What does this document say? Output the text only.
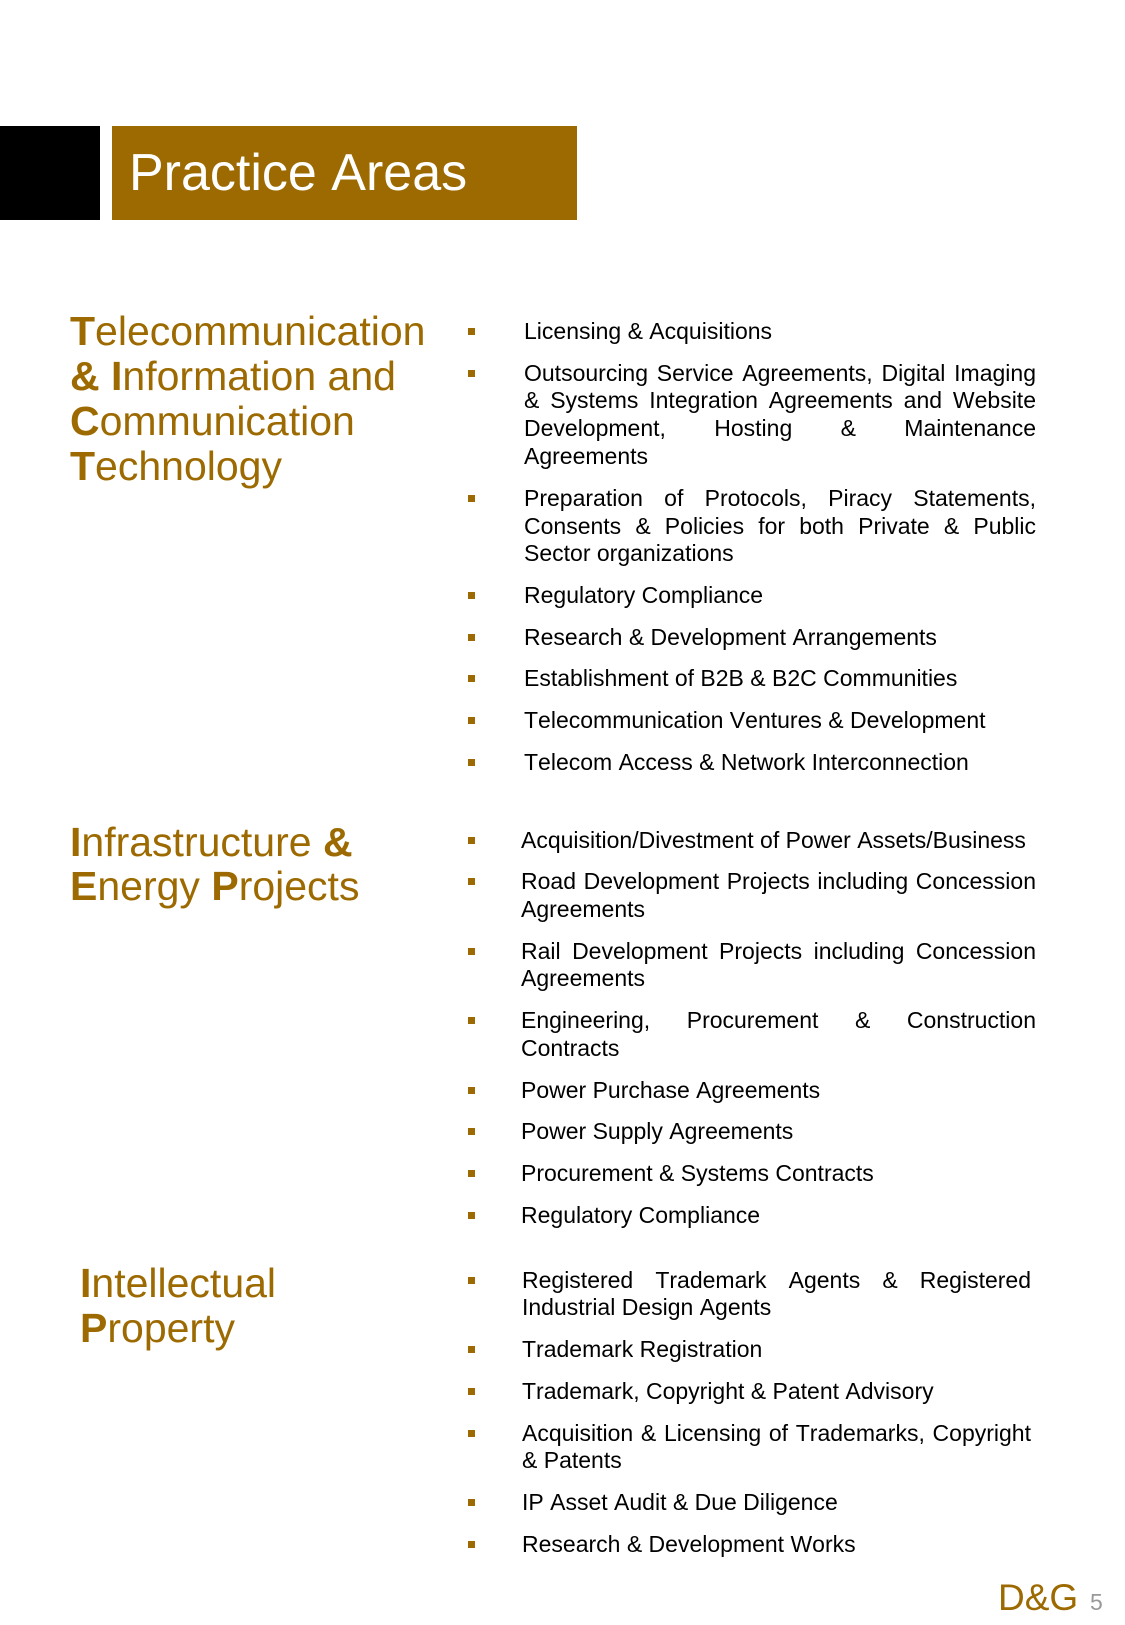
Practice Areas
Telecommunication
& Information and
Communication
Technology
Licensing & Acquisitions
Outsourcing Service Agreements, Digital Imaging & Systems Integration Agreements and Website Development, Hosting & Maintenance Agreements
Preparation of Protocols, Piracy Statements, Consents & Policies for both Private & Public Sector organizations
Regulatory Compliance
Research & Development Arrangements
Establishment of B2B & B2C Communities
Telecommunication Ventures & Development
Telecom Access & Network Interconnection
Infrastructure &
Energy Projects
Acquisition/Divestment of Power Assets/Business
Road Development Projects including Concession Agreements
Rail Development Projects including Concession Agreements
Engineering, Procurement & Construction Contracts
Power Purchase Agreements
Power Supply Agreements
Procurement & Systems Contracts
Regulatory Compliance
Intellectual
Property
Registered Trademark Agents & Registered Industrial Design Agents
Trademark Registration
Trademark, Copyright & Patent Advisory
Acquisition & Licensing of Trademarks, Copyright & Patents
IP Asset Audit & Due Diligence
Research & Development Works
D&G 5
